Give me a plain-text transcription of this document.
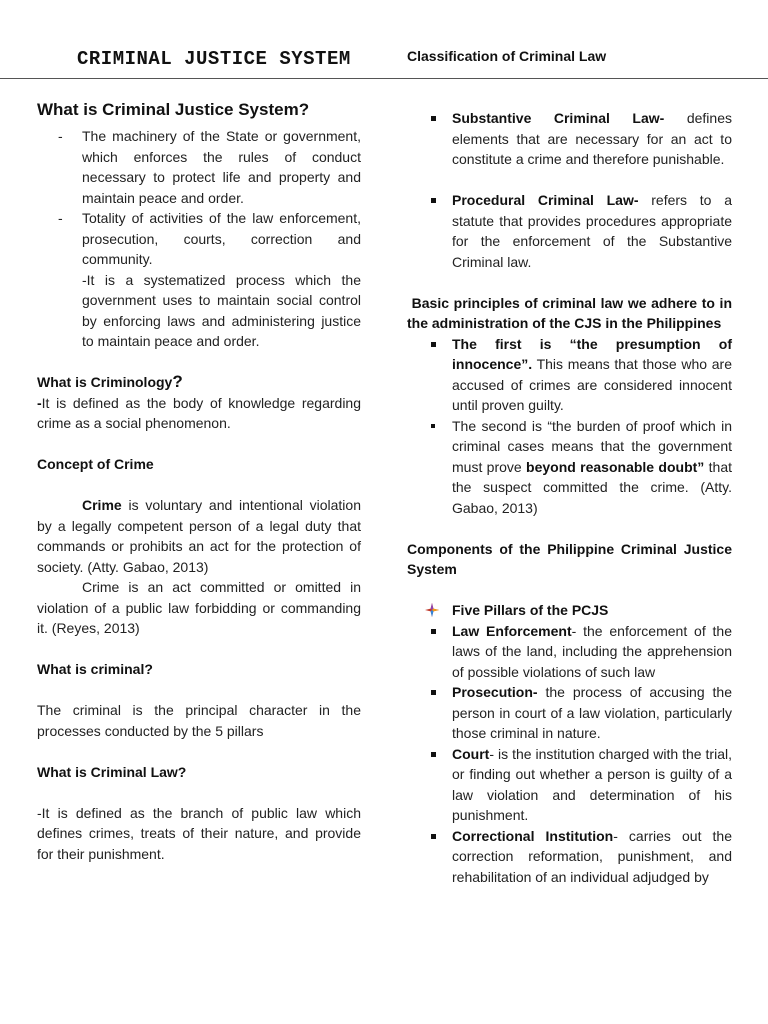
CRIMINAL JUSTICE SYSTEM	Classification of Criminal Law
What is Criminal Justice System?
- The machinery of the State or government, which enforces the rules of conduct necessary to protect life and property and maintain peace and order.
- Totality of activities of the law enforcement, prosecution, courts, correction and community.
-It is a systematized process which the government uses to maintain social control by enforcing laws and administering justice to maintain peace and order.

What is Criminology?

-It is defined as the body of knowledge regarding crime as a social phenomenon.

Concept of Crime

Crime is voluntary and intentional violation by a legally competent person of a legal duty that commands or prohibits an act for the protection of society. (Atty. Gabao, 2013)

Crime is an act committed or omitted in violation of a public law forbidding or commanding it. (Reyes, 2013)

What is criminal?

The criminal is the principal character in the processes conducted by the 5 pillars

What is Criminal Law?

-It is defined as the branch of public law which defines crimes, treats of their nature, and provide for their punishment.

Substantive Criminal Law- defines elements that are necessary for an act to constitute a crime and therefore punishable.
Procedural Criminal Law- refers to a statute that provides procedures appropriate for the enforcement of the Substantive Criminal law.

Basic principles of criminal law we adhere to in the administration of the CJS in the Philippines

The first is “the presumption of innocence”. This means that those who are accused of crimes are considered innocent until proven guilty.
The second is “the burden of proof which in criminal cases means that the government must prove beyond reasonable doubt” that the suspect committed the crime. (Atty. Gabao, 2013)

Components of the Philippine Criminal Justice System

Five Pillars of the PCJS
Law Enforcement- the enforcement of the laws of the land, including the apprehension of possible violations of such law
Prosecution- the process of accusing the person in court of a law violation, particularly those criminal in nature.
Court- is the institution charged with the trial, or finding out whether a person is guilty of a law violation and determination of his punishment.
Correctional Institution- carries out the correction reformation, punishment, and rehabilitation of an individual adjudged by
